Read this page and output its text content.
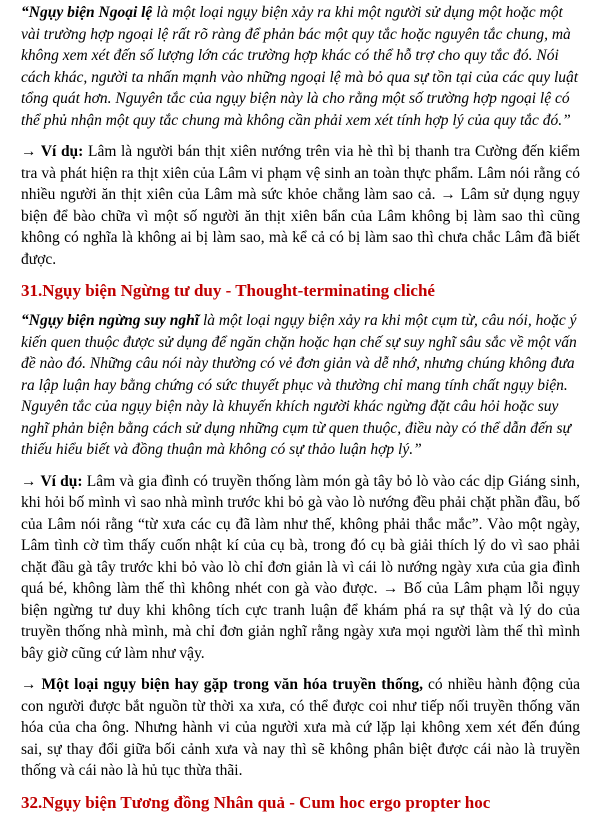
“Ngụy biện Ngoại lệ là một loại ngụy biện xảy ra khi một người sử dụng một hoặc một vài trường hợp ngoại lệ rất rõ ràng để phản bác một quy tắc hoặc nguyên tắc chung, mà không xem xét đến số lượng lớn các trường hợp khác có thể hỗ trợ cho quy tắc đó. Nói cách khác, người ta nhấn mạnh vào những ngoại lệ mà bỏ qua sự tồn tại của các quy luật tổng quát hơn. Nguyên tắc của ngụy biện này là cho rằng một số trường hợp ngoại lệ có thể phủ nhận một quy tắc chung mà không cần phải xem xét tính hợp lý của quy tắc đó.”

→ Ví dụ: Lâm là người bán thịt xiên nướng trên via hè thì bị thanh tra Cường đến kiểm tra và phát hiện ra thịt xiên của Lâm vi phạm vệ sinh an toàn thực phẩm. Lâm nói rằng có nhiều người ăn thịt xiên của Lâm mà sức khỏe chẳng làm sao cả. → Lâm sử dụng ngụy biện để bào chữa vì một số người ăn thịt xiên bẩn của Lâm không bị làm sao thì cũng không có nghĩa là không ai bị làm sao, mà kể cả có bị làm sao thì chưa chắc Lâm đã biết được.

31.Ngụy biện Ngừng tư duy - Thought-terminating cliché

“Ngụy biện ngừng suy nghĩ là một loại ngụy biện xảy ra khi một cụm từ, câu nói, hoặc ý kiến quen thuộc được sử dụng để ngăn chặn hoặc hạn chế sự suy nghĩ sâu sắc về một vấn đề nào đó. Những câu nói này thường có vẻ đơn giản và dễ nhớ, nhưng chúng không đưa ra lập luận hay bằng chứng có sức thuyết phục và thường chỉ mang tính chất ngụy biện. Nguyên tắc của ngụy biện này là khuyến khích người khác ngừng đặt câu hỏi hoặc suy nghĩ phản biện bằng cách sử dụng những cụm từ quen thuộc, điều này có thể dẫn đến sự thiếu hiểu biết và đồng thuận mà không có sự thảo luận hợp lý.”

→ Ví dụ: Lâm và gia đình có truyền thống làm món gà tây bỏ lò vào các dịp Giáng sinh, khi hỏi bố mình vì sao nhà mình trước khi bỏ gà vào lò nướng đều phải chặt phần đầu, bố của Lâm nói rằng “từ xưa các cụ đã làm như thế, không phải thắc mắc”. Vào một ngày, Lâm tình cờ tìm thấy cuốn nhật kí của cụ bà, trong đó cụ bà giải thích lý do vì sao phải chặt đầu gà tây trước khi bỏ vào lò chỉ đơn giản là vì cái lò nướng ngày xưa của gia đình quá bé, không làm thế thì không nhét con gà vào được. → Bố của Lâm phạm lỗi ngụy biện ngừng tư duy khi không tích cực tranh luận để khám phá ra sự thật và lý do của truyền thống nhà mình, mà chỉ đơn giản nghĩ rằng ngày xưa mọi người làm thế thì mình bây giờ cũng cứ làm như vậy.

→ Một loại ngụy biện hay gặp trong văn hóa truyền thống, có nhiều hành động của con người được bắt nguồn từ thời xa xưa, có thể được coi như tiếp nối truyền thống văn hóa của cha ông. Nhưng hành vi của người xưa mà cứ lặp lại không xem xét đến đúng sai, sự thay đổi giữa bối cảnh xưa và nay thì sẽ không phân biệt được cái nào là truyền thống và cái nào là hủ tục thừa thãi.

32.Ngụy biện Tương đồng Nhân quả - Cum hoc ergo propter hoc
